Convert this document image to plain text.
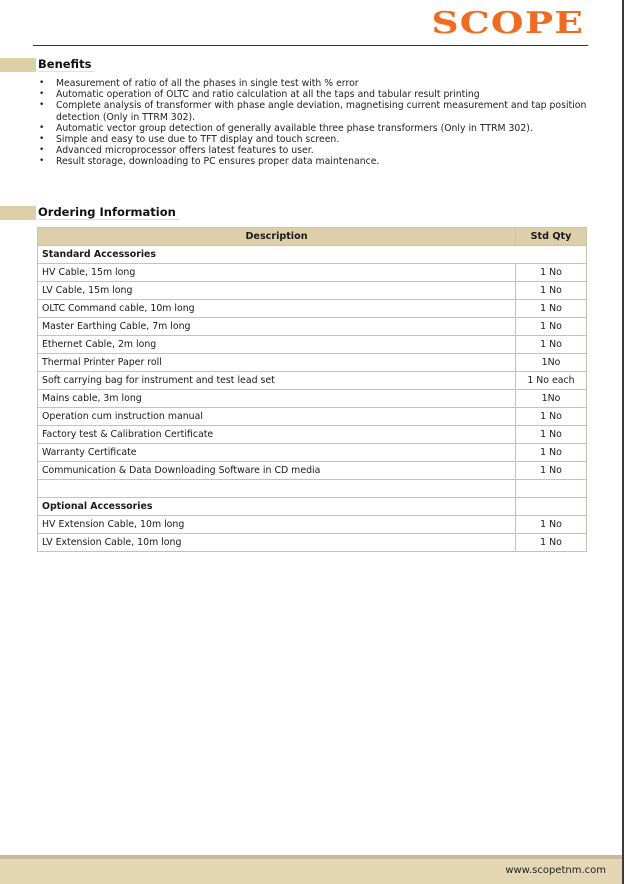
SCOPE
Benefits
• Measurement of ratio of all the phases in single test with % error
• Automatic operation of OLTC and ratio calculation at all the taps and tabular result printing
• Complete analysis of transformer with phase angle deviation, magnetising current measurement and tap position detection (Only in TTRM 302).
• Automatic vector group detection of generally available three phase transformers (Only in TTRM 302).
• Simple and easy to use due to TFT display and touch screen.
• Advanced microprocessor offers latest features to user.
• Result storage, downloading to PC ensures proper data maintenance.
Ordering Information
Description	Std Qty
Standard Accessories	
HV Cable, 15m long	1 No
LV Cable, 15m long	1 No
OLTC Command cable, 10m long	1 No
Master Earthing Cable, 7m long	1 No
Ethernet Cable, 2m long	1 No
Thermal Printer Paper roll	1No
Soft carrying bag for instrument and test lead set	1 No each
Mains cable, 3m long	1No
Operation cum instruction manual	1 No
Factory test & Calibration Certificate	1 No
Warranty Certificate	1 No
Communication & Data Downloading Software in CD media	1 No

Optional Accessories	
HV Extension Cable, 10m long	1 No
LV Extension Cable, 10m long	1 No
www.scopetnm.com
